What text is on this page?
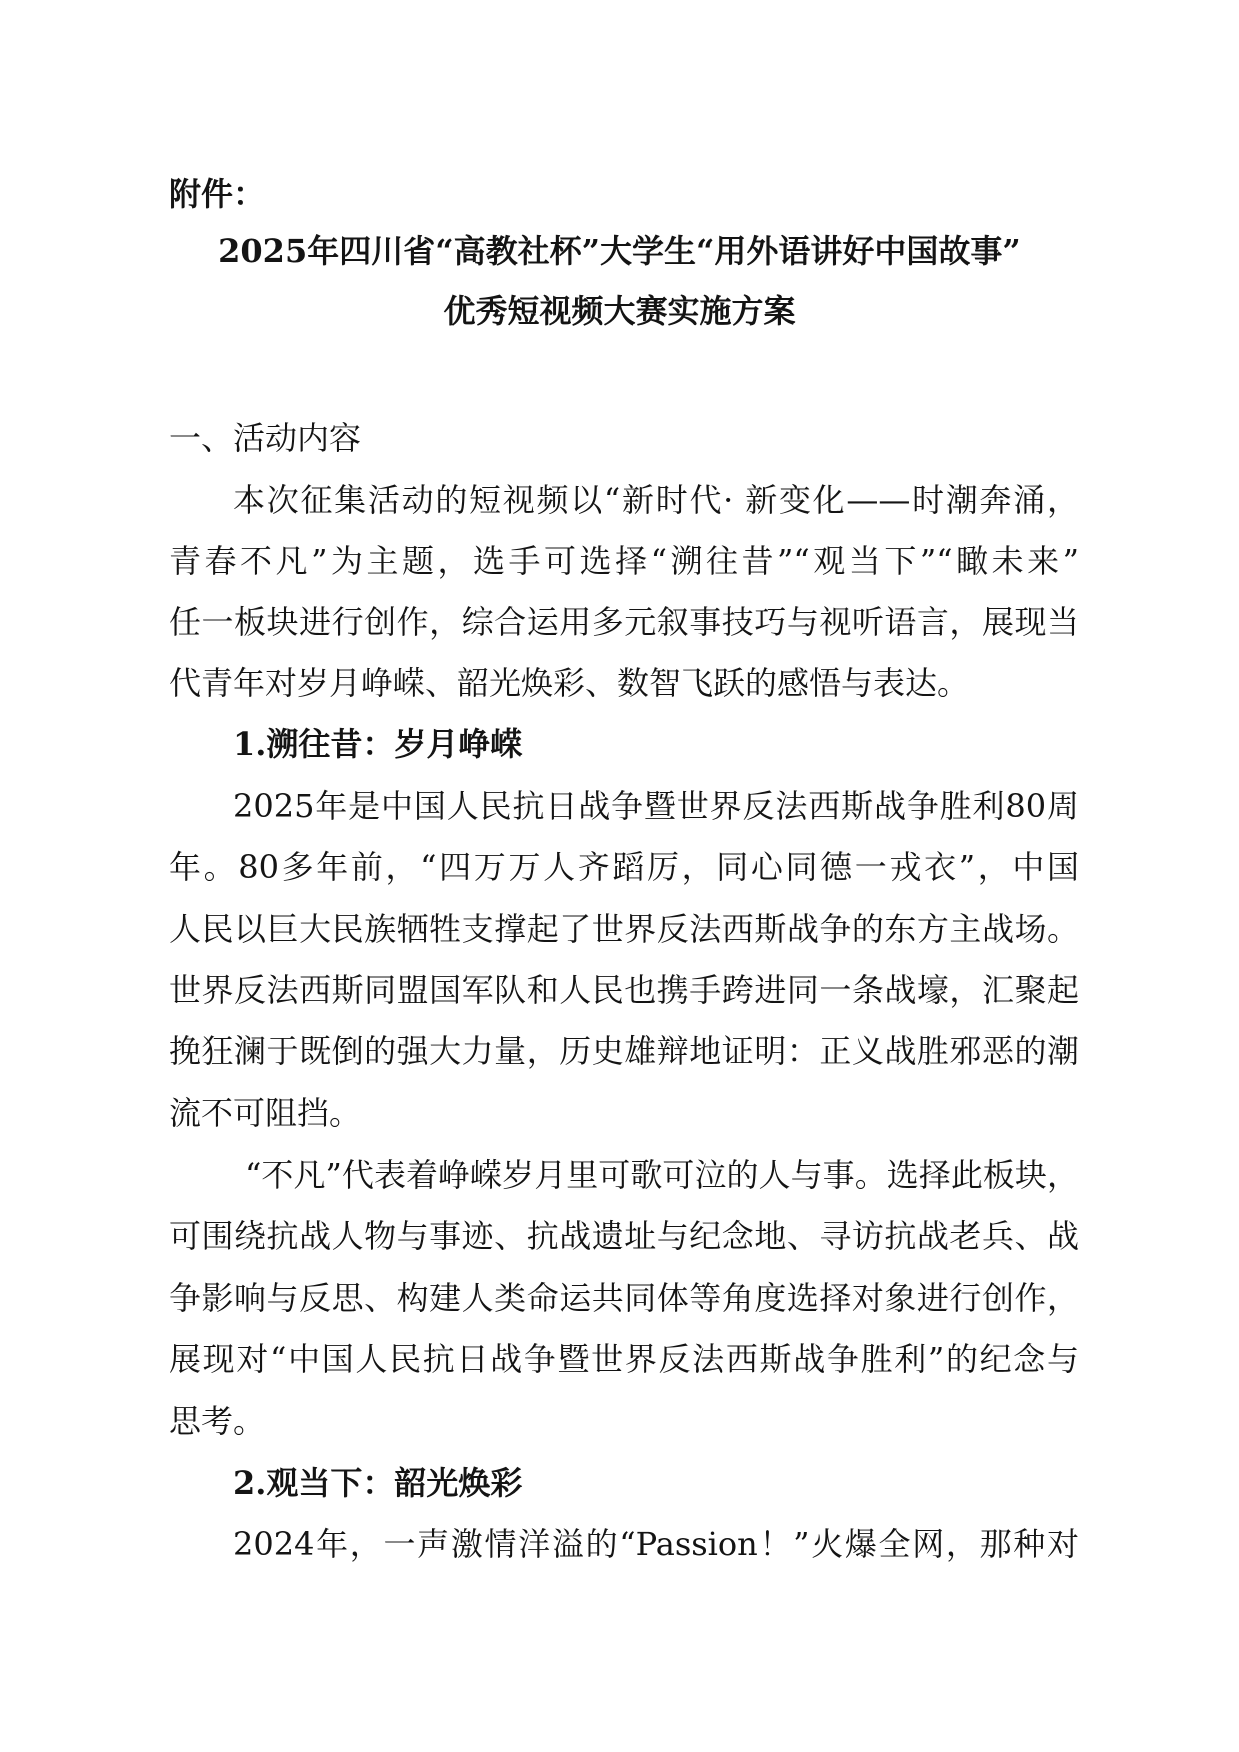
附件：
2025年四川省“高教社杯”大学生“用外语讲好中国故事”
优秀短视频大赛实施方案
一、活动内容
本次征集活动的短视频以“新时代· 新变化——时潮奔涌，
青春不凡”为主题，选手可选择“溯往昔”“观当下”“瞰未来”
任一板块进行创作，综合运用多元叙事技巧与视听语言，展现当
代青年对岁月峥嵘、韶光焕彩、数智飞跃的感悟与表达。
1.溯往昔：岁月峥嵘
2025年是中国人民抗日战争暨世界反法西斯战争胜利80周
年。80多年前，“四万万人齐蹈厉，同心同德一戎衣”，中国
人民以巨大民族牺牲支撑起了世界反法西斯战争的东方主战场。
世界反法西斯同盟国军队和人民也携手跨进同一条战壕，汇聚起
挽狂澜于既倒的强大力量，历史雄辩地证明：正义战胜邪恶的潮
流不可阻挡。
“不凡”代表着峥嵘岁月里可歌可泣的人与事。选择此板块，
可围绕抗战人物与事迹、抗战遗址与纪念地、寻访抗战老兵、战
争影响与反思、构建人类命运共同体等角度选择对象进行创作，
展现对“中国人民抗日战争暨世界反法西斯战争胜利”的纪念与
思考。
2.观当下：韶光焕彩
2024年，一声激情洋溢的“Passion！”火爆全网，那种对
